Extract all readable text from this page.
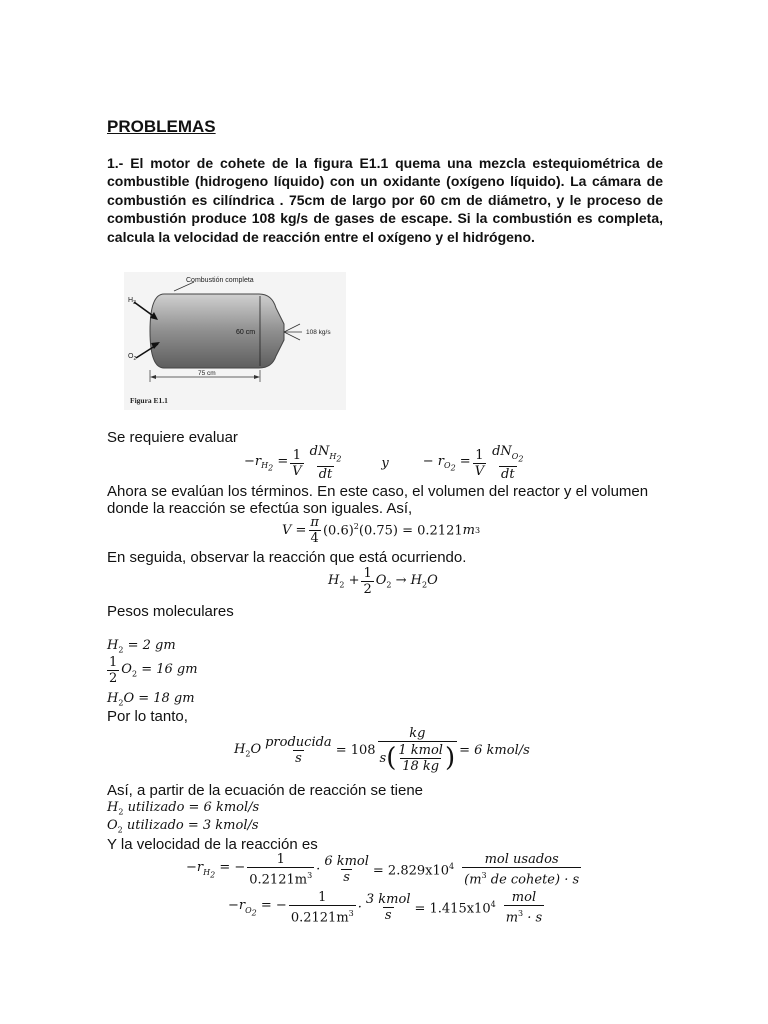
PROBLEMAS
1.- El motor de cohete de la figura E1.1 quema una mezcla estequiométrica de combustible (hidrogeno líquido) con un oxidante (oxígeno líquido). La cámara de combustión es cilíndrica . 75cm de largo por 60 cm de diámetro, y le proceso de combustión produce 108 kg/s de gases de escape. Si la combustión es completa, calcula la velocidad de reacción entre el oxígeno y el hidrógeno.
Combustión completa
H
$O_2$
60 cm	108 kg/s
75 cm
Figura E1.1
Se requiere evaluar
$-r_{H_2} = \frac{1}{V} \frac{dN_{H_2}}{dt}$	y	− $r_{O_2} = \frac{1}{V} \frac{dN_{O_2}}{dt}$
Ahora se evalúan los términos. En este caso, el volumen del reactor y el volumen donde la reacción se efectúa son iguales. Así,
$V = \frac{\pi}{4} (0.6)^2(0.75) = 0.2121$ m 3
En seguida, observar la reacción que está ocurriendo.
$H_2 + \frac{1}{2} O_2 \to H_2O$
Pesos moleculares
$H_2 = 2$ gm
$\frac{1}{2} O_2 = 16$ gm
$H_2O = 18$ gm
Por lo tanto,
$H_2O \frac{\text{producida}}{s} = 108 \frac{kg}{s ( \frac{\text{1 kmol}}{18 kg} )} = 6$ kmol/s
Así, a partir de la ecuación de reacción se tiene
$H_2$ utilizado = 6 kmol/s
$O_2$ utilizado = 3 kmol/s
Y la velocidad de la reacción es
$-r_{H_2}$ = − $\frac{1}{0.2121m^3} \cdot \frac{\text{6 kmol}}{s} = 2.829x10^4 \frac{\text{mol usados}}{(m^3 de cohete) \cdot s}$
$-r_{O_2}$ = − $\frac{1}{0.2121m^3} \cdot \frac{\text{3 kmol}}{s} = 1.415x10^4 \frac{\text{mol}}{m^3 \cdot s}$
